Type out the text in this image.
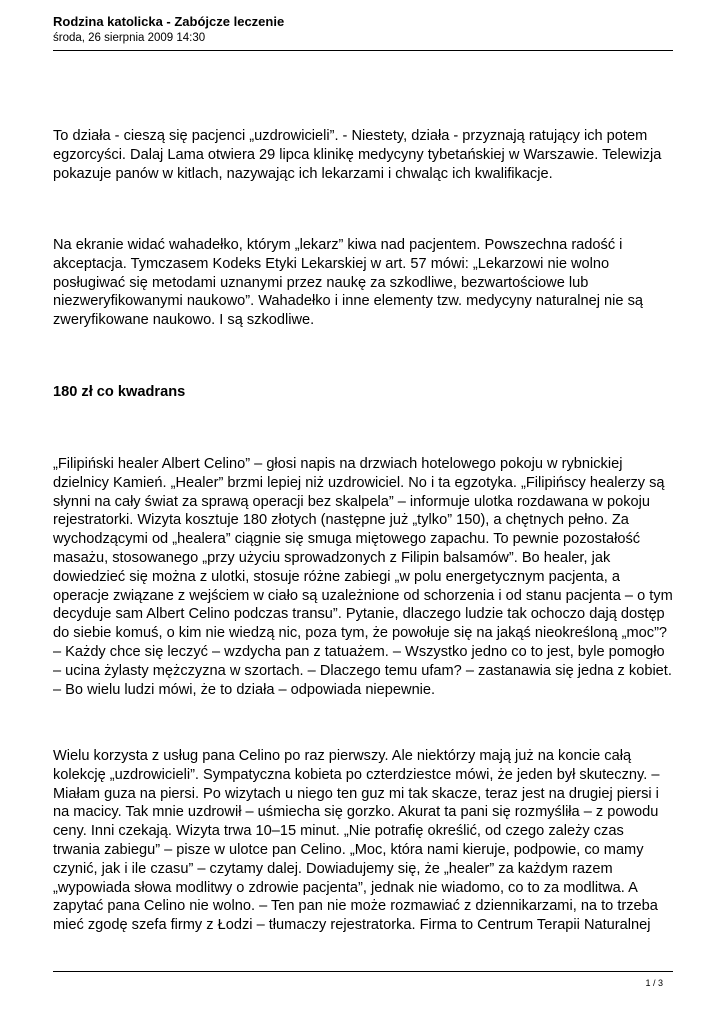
Rodzina katolicka - Zabójcze leczenie

środa, 26 sierpnia 2009 14:30

To działa - cieszą się pacjenci „uzdrowicieli”. - Niestety, działa - przyznają ratujący ich potem egzorcyści. Dalaj Lama otwiera 29 lipca klinikę medycyny tybetańskiej w Warszawie. Telewizja pokazuje panów w kitlach, nazywając ich lekarzami i chwaląc ich kwalifikacje.

Na ekranie widać wahadełko, którym „lekarz” kiwa nad pacjentem. Powszechna radość i akceptacja. Tymczasem Kodeks Etyki Lekarskiej w art. 57 mówi: „Lekarzowi nie wolno posługiwać się metodami uznanymi przez naukę za szkodliwe, bezwartościowe lub niezweryfikowanymi naukowo”. Wahadełko i inne elementy tzw. medycyny naturalnej nie są zweryfikowane naukowo. I są szkodliwe.

180 zł co kwadrans

„Filipiński healer Albert Celino” – głosi napis na drzwiach hotelowego pokoju w rybnickiej dzielnicy Kamień. „Healer” brzmi lepiej niż uzdrowiciel. No i ta egzotyka. „Filipińscy healerzy są słynni na cały świat za sprawą operacji bez skalpela” – informuje ulotka rozdawana w pokoju rejestratorki. Wizyta kosztuje 180 złotych (następne już „tylko” 150), a chętnych pełno. Za wychodzącymi od „healera” ciągnie się smuga miętowego zapachu. To pewnie pozostałość masażu, stosowanego „przy użyciu sprowadzonych z Filipin balsamów”. Bo healer, jak dowiedzieć się można z ulotki, stosuje różne zabiegi „w polu energetycznym pacjenta, a operacje związane z wejściem w ciało są uzależnione od schorzenia i od stanu pacjenta – o tym decyduje sam Albert Celino podczas transu”. Pytanie, dlaczego ludzie tak ochoczo dają dostęp do siebie komuś, o kim nie wiedzą nic, poza tym, że powołuje się na jakąś nieokreśloną „moc”? – Każdy chce się leczyć – wzdycha pan z tatuażem. – Wszystko jedno co to jest, byle pomogło – ucina żylasty mężczyzna w szortach. – Dlaczego temu ufam? – zastanawia się jedna z kobiet. – Bo wielu ludzi mówi, że to działa – odpowiada niepewnie.

Wielu korzysta z usług pana Celino po raz pierwszy. Ale niektórzy mają już na koncie całą kolekcję „uzdrowicieli”. Sympatyczna kobieta po czterdziestce mówi, że jeden był skuteczny. – Miałam guza na piersi. Po wizytach u niego ten guz mi tak skacze, teraz jest na drugiej piersi i na macicy. Tak mnie uzdrowił – uśmiecha się gorzko. Akurat ta pani się rozmyśliła – z powodu ceny. Inni czekają. Wizyta trwa 10–15 minut. „Nie potrafię określić, od czego zależy czas trwania zabiegu” – pisze w ulotce pan Celino. „Moc, która nami kieruje, podpowie, co mamy czynić, jak i ile czasu” – czytamy dalej. Dowiadujemy się, że „healer” za każdym razem „wypowiada słowa modlitwy o zdrowie pacjenta”, jednak nie wiadomo, co to za modlitwa. A zapytać pana Celino nie wolno. – Ten pan nie może rozmawiać z dziennikarzami, na to trzeba mieć zgodę szefa firmy z Łodzi – tłumaczy rejestratorka. Firma to Centrum Terapii Naturalnej

1 / 3
